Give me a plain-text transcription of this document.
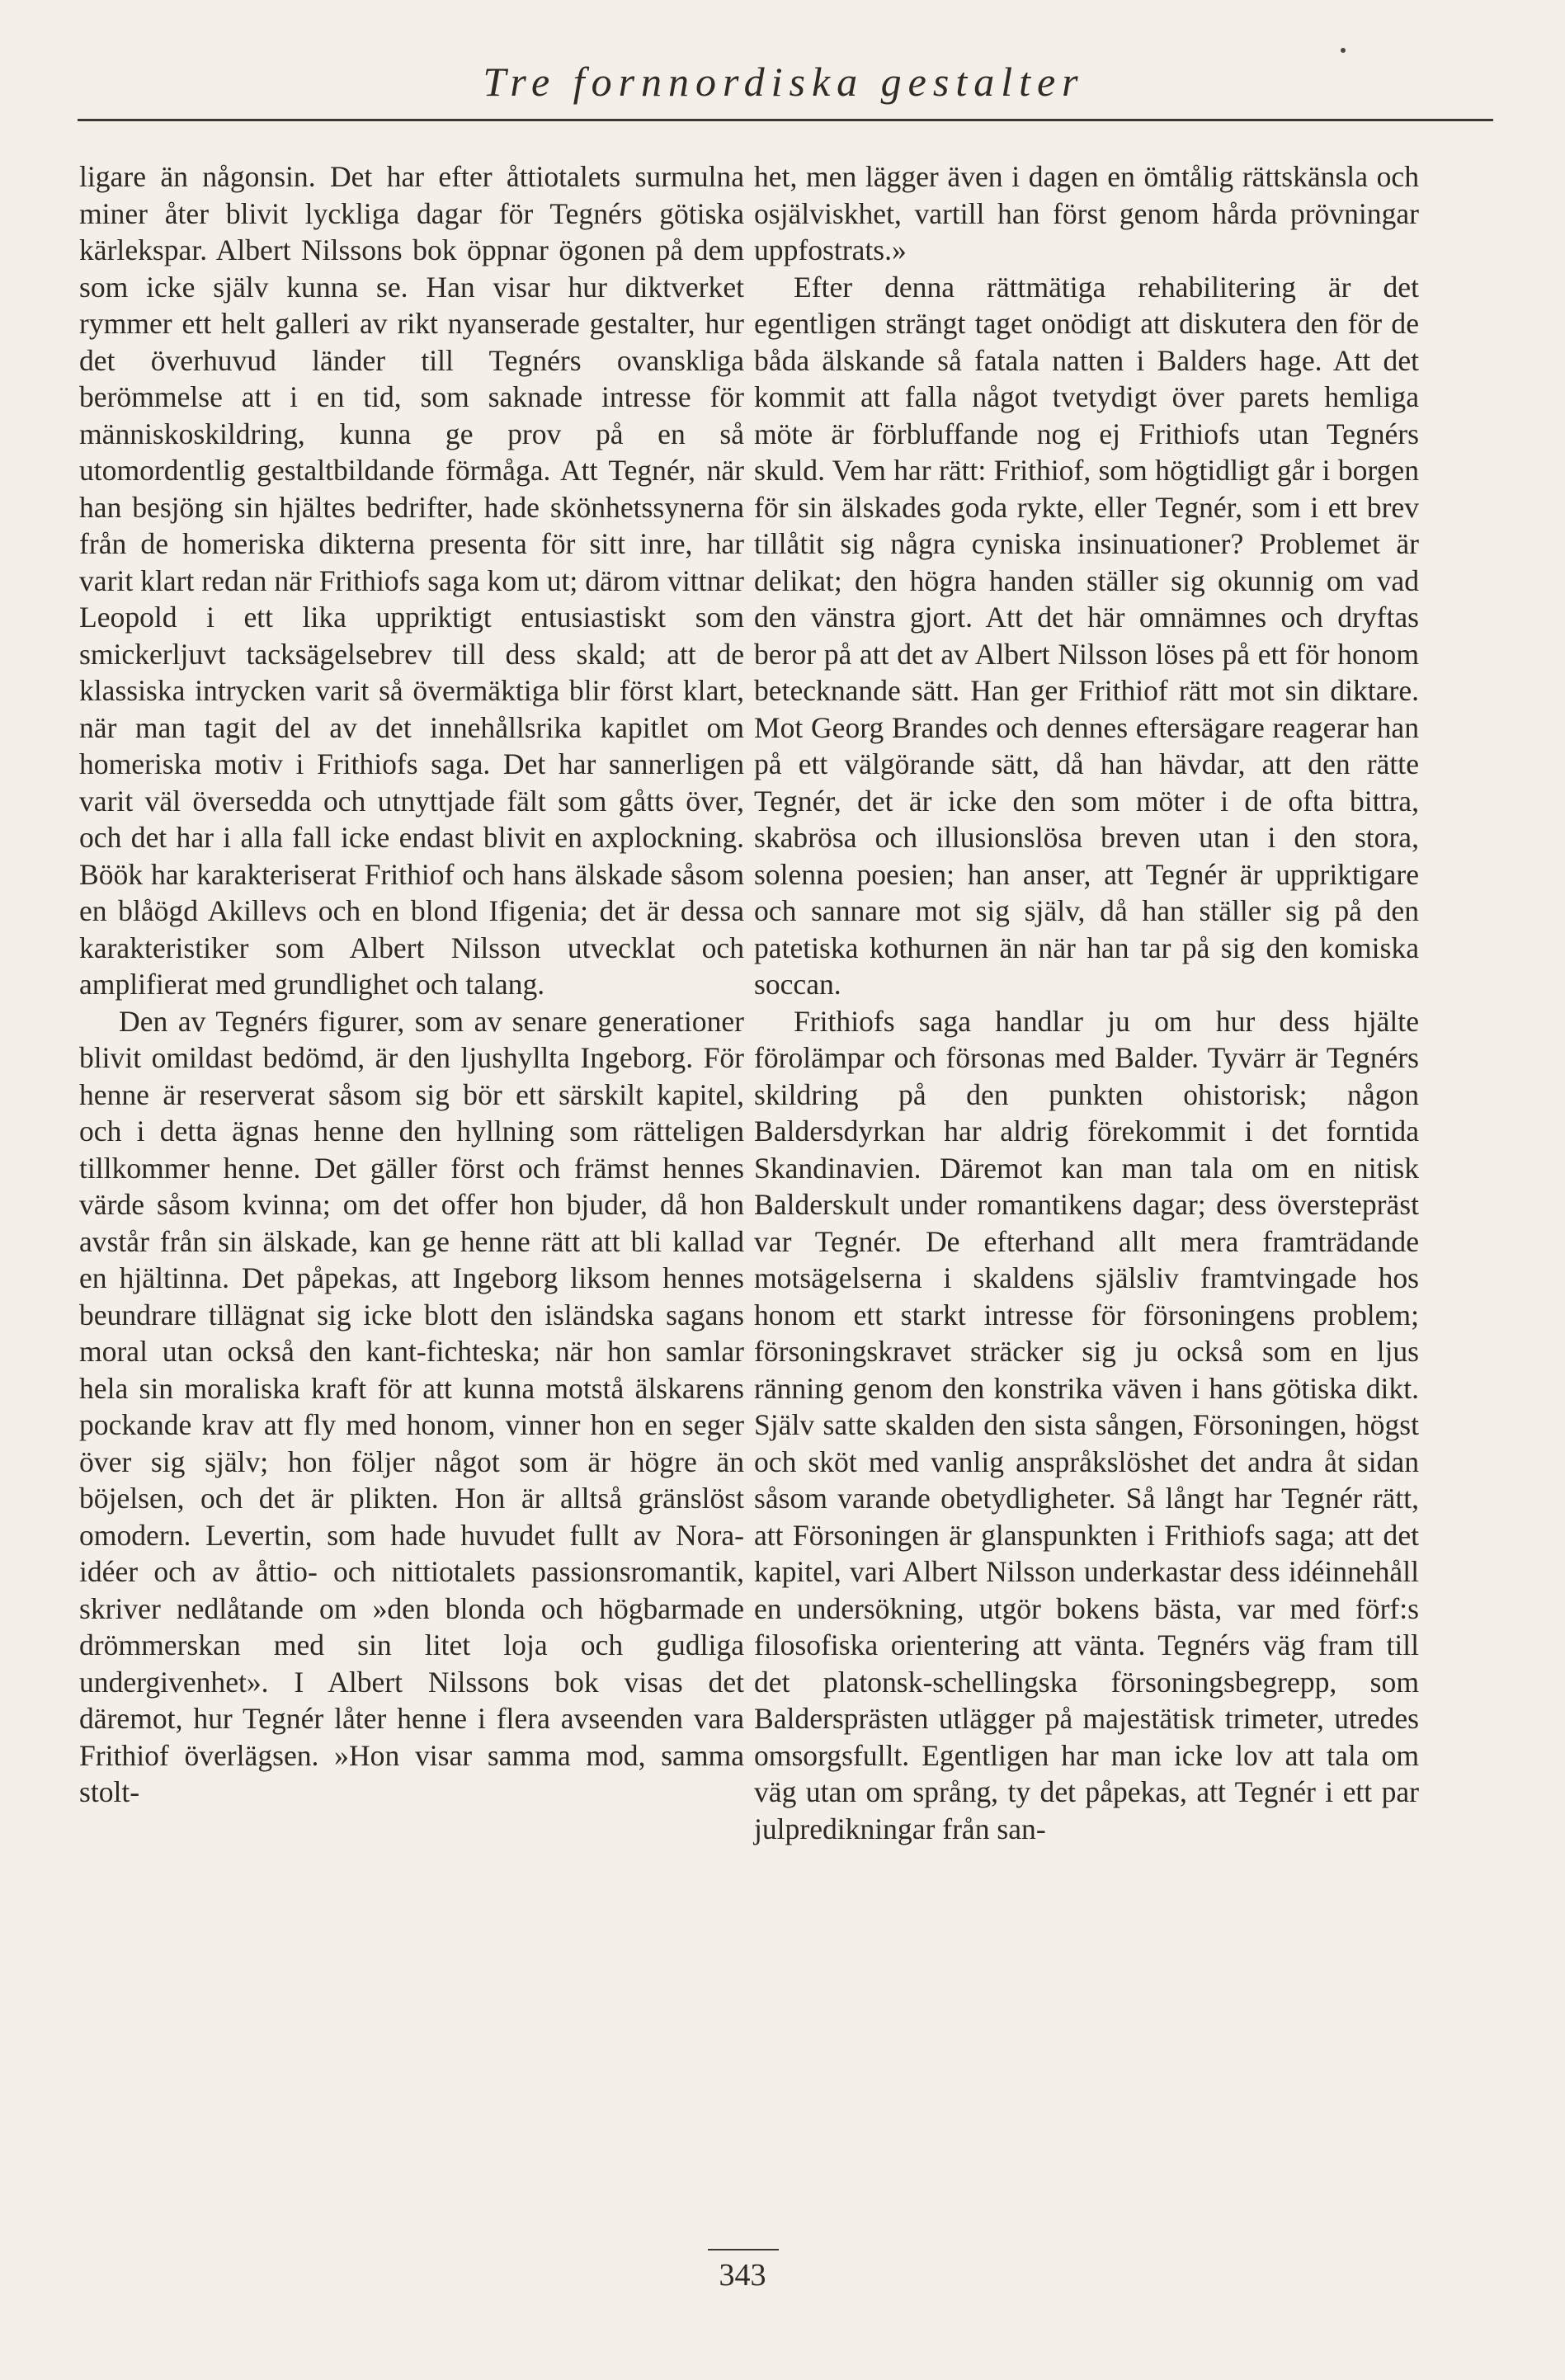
Tre fornnordiska gestalter

ligare än någonsin. Det har efter åttiotalets surmulna miner åter blivit lyckliga dagar för Tegnérs götiska kärlekspar. Albert Nilssons bok öppnar ögonen på dem som icke själv kunna se. Han visar hur diktverket rymmer ett helt galleri av rikt nyanserade gestalter, hur det överhuvud länder till Tegnérs ovanskliga berömmelse att i en tid, som saknade intresse för människoskildring, kunna ge prov på en så utomordentlig gestaltbildande förmåga. Att Tegnér, när han besjöng sin hjältes bedrifter, hade skönhetssynerna från de homeriska dikterna presenta för sitt inre, har varit klart redan när Frithiofs saga kom ut; därom vittnar Leopold i ett lika uppriktigt entusiastiskt som smickerljuvt tacksägelsebrev till dess skald; att de klassiska intrycken varit så övermäktiga blir först klart, när man tagit del av det innehållsrika kapitlet om homeriska motiv i Frithiofs saga. Det har sannerligen varit väl översedda och utnyttjade fält som gåtts över, och det har i alla fall icke endast blivit en axplockning. Böök har karakteriserat Frithiof och hans älskade såsom en blåögd Akillevs och en blond Ifigenia; det är dessa karakteristiker som Albert Nilsson utvecklat och amplifierat med grundlighet och talang.

Den av Tegnérs figurer, som av senare generationer blivit omildast bedömd, är den ljushyllta Ingeborg. För henne är reserverat såsom sig bör ett särskilt kapitel, och i detta ägnas henne den hyllning som rätteligen tillkommer henne. Det gäller först och främst hennes värde såsom kvinna; om det offer hon bjuder, då hon avstår från sin älskade, kan ge henne rätt att bli kallad en hjältinna. Det påpekas, att Ingeborg liksom hennes beundrare tillägnat sig icke blott den isländska sagans moral utan också den kant-fichteska; när hon samlar hela sin moraliska kraft för att kunna motstå älskarens pockande krav att fly med honom, vinner hon en seger över sig själv; hon följer något som är högre än böjelsen, och det är plikten. Hon är alltså gränslöst omodern. Levertin, som hade huvudet fullt av Nora-idéer och av åttio- och nittiotalets passionsromantik, skriver nedlåtande om »den blonda och högbarmade drömmerskan med sin litet loja och gudliga undergivenhet». I Albert Nilssons bok visas det däremot, hur Tegnér låter henne i flera avseenden vara Frithiof överlägsen. »Hon visar samma mod, samma stolt-

het, men lägger även i dagen en ömtålig rättskänsla och osjälviskhet, vartill han först genom hårda prövningar uppfostrats.»

Efter denna rättmätiga rehabilitering är det egentligen strängt taget onödigt att diskutera den för de båda älskande så fatala natten i Balders hage. Att det kommit att falla något tvetydigt över parets hemliga möte är förbluffande nog ej Frithiofs utan Tegnérs skuld. Vem har rätt: Frithiof, som högtidligt går i borgen för sin älskades goda rykte, eller Tegnér, som i ett brev tillåtit sig några cyniska insinuationer? Problemet är delikat; den högra handen ställer sig okunnig om vad den vänstra gjort. Att det här omnämnes och dryftas beror på att det av Albert Nilsson löses på ett för honom betecknande sätt. Han ger Frithiof rätt mot sin diktare. Mot Georg Brandes och dennes eftersägare reagerar han på ett välgörande sätt, då han hävdar, att den rätte Tegnér, det är icke den som möter i de ofta bittra, skabrösa och illusionslösa breven utan i den stora, solenna poesien; han anser, att Tegnér är uppriktigare och sannare mot sig själv, då han ställer sig på den patetiska kothurnen än när han tar på sig den komiska soccan.

Frithiofs saga handlar ju om hur dess hjälte förolämpar och försonas med Balder. Tyvärr är Tegnérs skildring på den punkten ohistorisk; någon Baldersdyrkan har aldrig förekommit i det forntida Skandinavien. Däremot kan man tala om en nitisk Balderskult under romantikens dagar; dess överstepräst var Tegnér. De efterhand allt mera framträdande motsägelserna i skaldens själsliv framtvingade hos honom ett starkt intresse för försoningens problem; försoningskravet sträcker sig ju också som en ljus ränning genom den konstrika väven i hans götiska dikt. Själv satte skalden den sista sången, Försoningen, högst och sköt med vanlig anspråkslöshet det andra åt sidan såsom varande obetydligheter. Så långt har Tegnér rätt, att Försoningen är glanspunkten i Frithiofs saga; att det kapitel, vari Albert Nilsson underkastar dess idéinnehåll en undersökning, utgör bokens bästa, var med förf:s filosofiska orientering att vänta. Tegnérs väg fram till det platonsk-schellingska försoningsbegrepp, som Baldersprästen utlägger på majestätisk trimeter, utredes omsorgsfullt. Egentligen har man icke lov att tala om väg utan om språng, ty det påpekas, att Tegnér i ett par julpredikningar från san-

343
